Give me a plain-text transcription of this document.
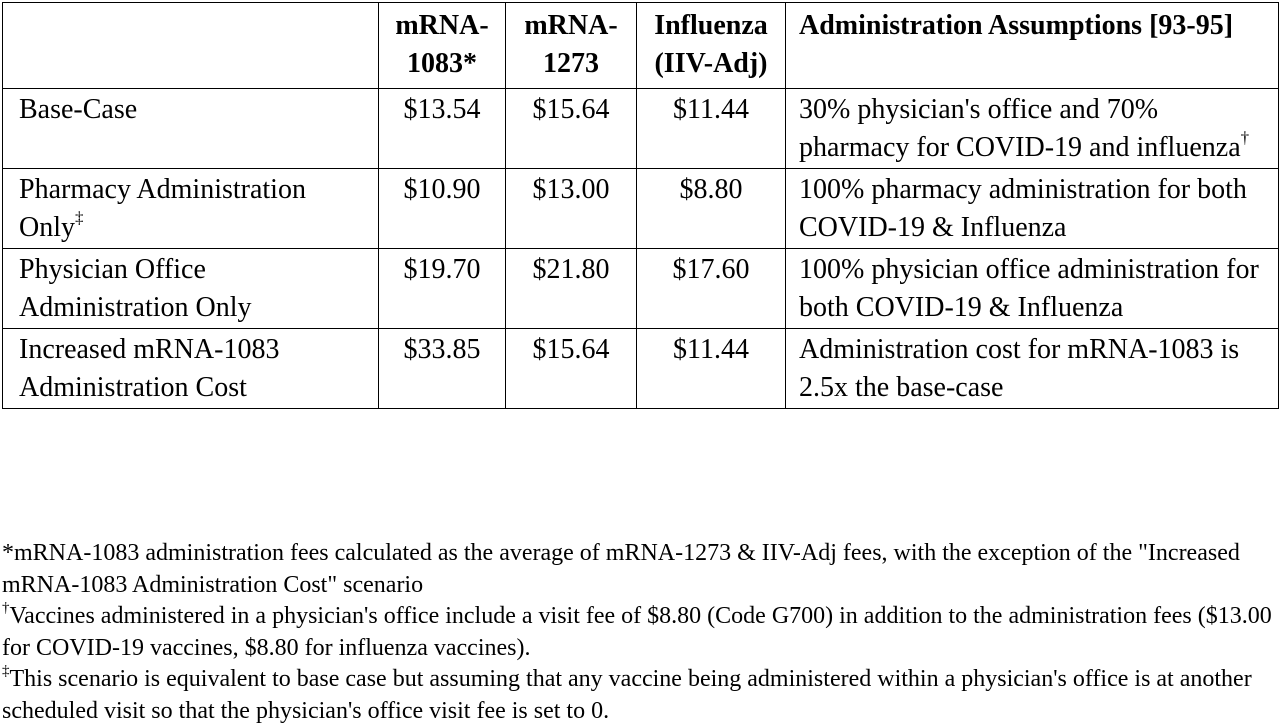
	mRNA-1083*	mRNA-1273	Influenza (IIV-Adj)	Administration Assumptions [93-95]
Base-Case	$13.54	$15.64	$11.44	30% physician's office and 70% pharmacy for COVID-19 and influenza†
Pharmacy Administration Only‡	$10.90	$13.00	$8.80	100% pharmacy administration for both COVID-19 & Influenza
Physician Office Administration Only	$19.70	$21.80	$17.60	100% physician office administration for both COVID-19 & Influenza
Increased mRNA-1083 Administration Cost	$33.85	$15.64	$11.44	Administration cost for mRNA-1083 is 2.5x the base-case

*mRNA-1083 administration fees calculated as the average of mRNA-1273 & IIV-Adj fees, with the exception of the "Increased mRNA-1083 Administration Cost" scenario

†Vaccines administered in a physician's office include a visit fee of $8.80 (Code G700) in addition to the administration fees ($13.00 for COVID-19 vaccines, $8.80 for influenza vaccines).

‡This scenario is equivalent to base case but assuming that any vaccine being administered within a physician's office is at another scheduled visit so that the physician's office visit fee is set to 0.
